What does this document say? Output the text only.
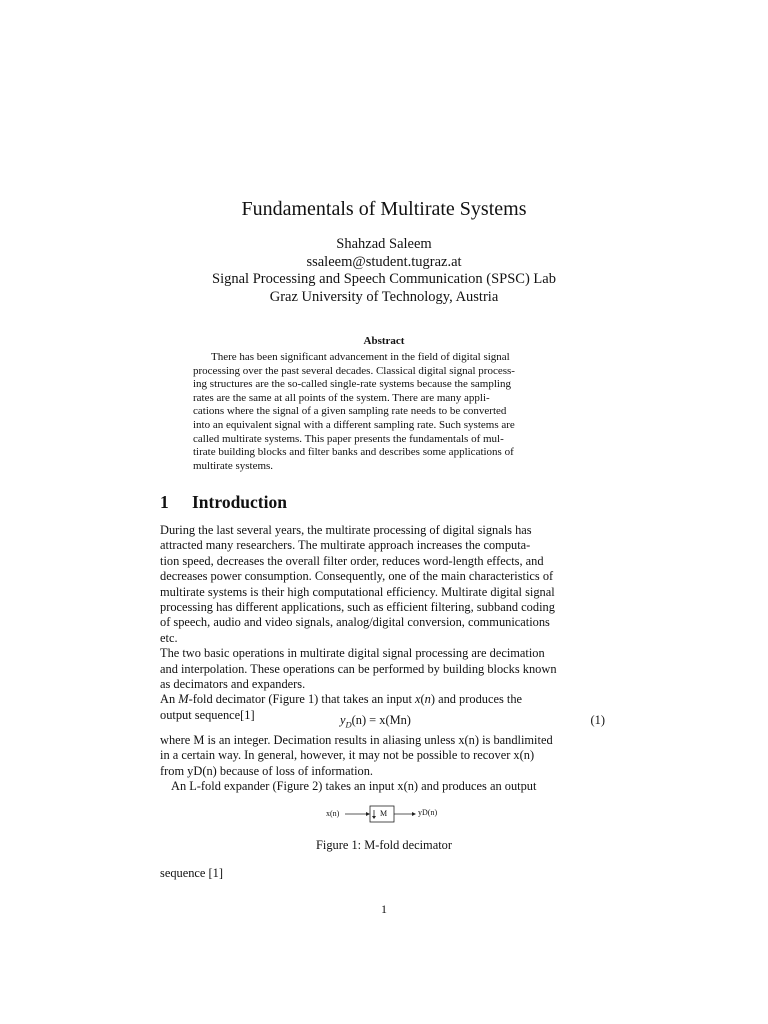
Fundamentals of Multirate Systems
Shahzad Saleem
ssaleem@student.tugraz.at
Signal Processing and Speech Communication (SPSC) Lab
Graz University of Technology, Austria
Abstract
There has been significant advancement in the field of digital signal
processing over the past several decades. Classical digital signal process-
ing structures are the so-called single-rate systems because the sampling
rates are the same at all points of the system. There are many appli-
cations where the signal of a given sampling rate needs to be converted
into an equivalent signal with a different sampling rate. Such systems are
called multirate systems. This paper presents the fundamentals of mul-
tirate building blocks and filter banks and describes some applications of
multirate systems.
1 Introduction
During the last several years, the multirate processing of digital signals has
attracted many researchers. The multirate approach increases the computa-
tion speed, decreases the overall filter order, reduces word-length effects, and
decreases power consumption. Consequently, one of the main characteristics of
multirate systems is their high computational efficiency. Multirate digital signal
processing has different applications, such as efficient filtering, subband coding
of speech, audio and video signals, analog/digital conversion, communications
etc.
The two basic operations in multirate digital signal processing are decimation
and interpolation. These operations can be performed by building blocks known
as decimators and expanders.
An M-fold decimator (Figure 1) that takes an input x(n) and produces the
output sequence[1]	$y_D(n) = x(Mn)$	(1)
where M is an integer. Decimation results in aliasing unless x(n) is bandlimited
in a certain way. In general, however, it may not be possible to recover x(n)
from yD(n) because of loss of information.
An L-fold expander (Figure 2) takes an input x(n) and produces an output
x(n)	M	yD(n)
Figure 1: M-fold decimator
sequence [1]
1
